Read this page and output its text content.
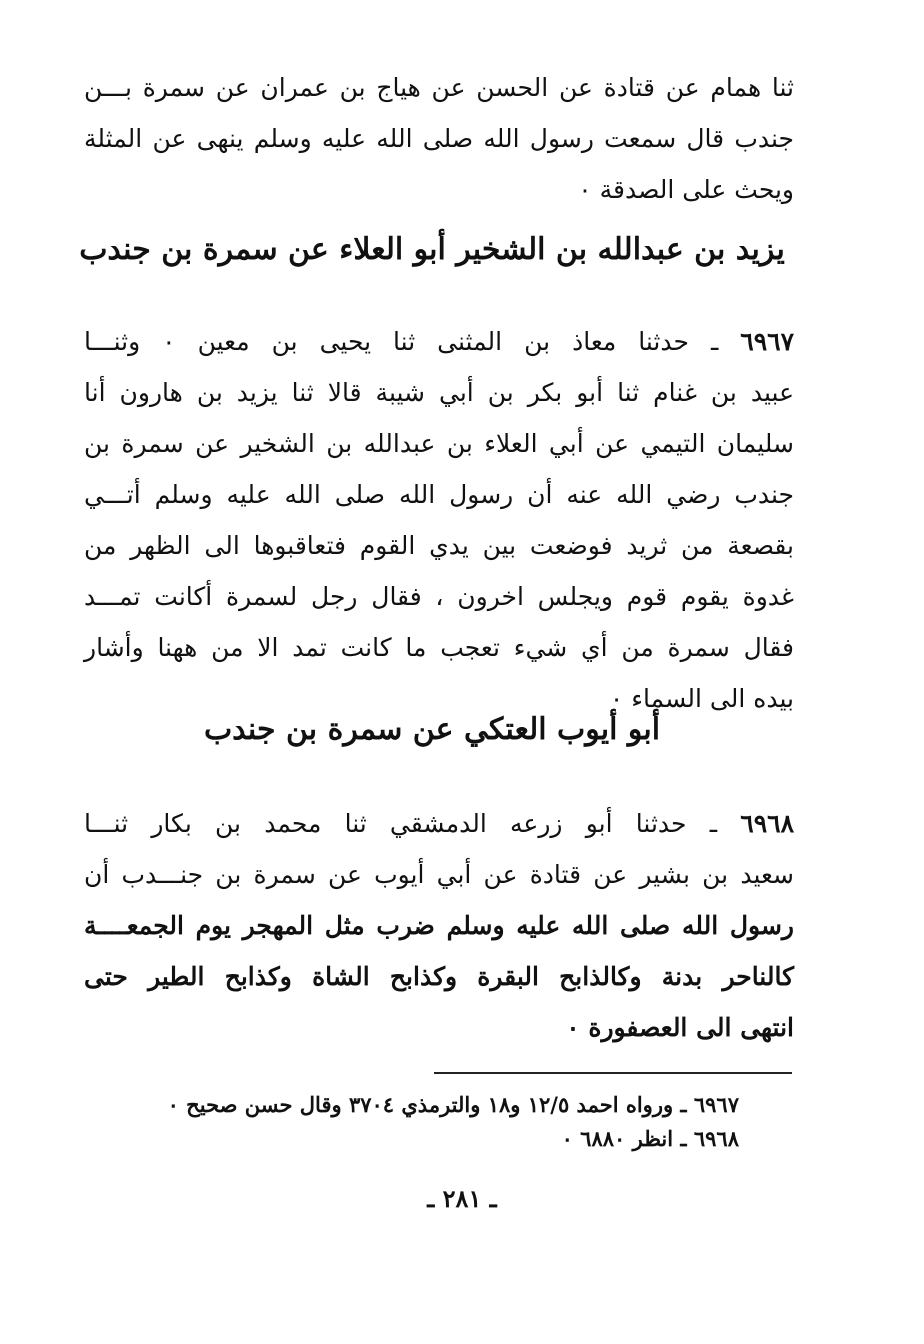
ثنا همام عن قتادة عن الحسن عن هياج بن عمران عن سمرة بـــن
جندب قال سمعت رسول الله صلى الله عليه وسلم ينهى عن المثلة
ويحث على الصدقة ٠
يزيد بن عبدالله بن الشخير أبو العلاء عن سمرة بن جندب
٦٩٦٧ ـ حدثنا معاذ بن المثنى ثنا يحيى بن معين ٠ وثنـــا
عبيد بن غنام ثنا أبو بكر بن أبي شيبة قالا ثنا يزيد بن هارون أنا
سليمان التيمي عن أبي العلاء بن عبدالله بن الشخير عن سمرة بن
جندب رضي الله عنه أن رسول الله صلى الله عليه وسلم أتـــي
بقصعة من ثريد فوضعت بين يدي القوم فتعاقبوها الى الظهر من
غدوة يقوم قوم ويجلس اخرون ، فقال رجل لسمرة أكانت تمـــد
فقال سمرة من أي شيء تعجب ما كانت تمد الا من ههنا وأشار
بيده الى السماء ٠
أبو أيوب العتكي عن سمرة بن جندب
٦٩٦٨ ـ حدثنا أبو زرعه الدمشقي ثنا محمد بن بكار ثنـــا
سعيد بن بشير عن قتادة عن أبي أيوب عن سمرة بن جنـــدب أن
رسول الله صلى الله عليه وسلم ضرب مثل المهجر يوم الجمعــــة
كالناحر بدنة وكالذابح البقرة وكذابح الشاة وكذابح الطير حتى
انتهى الى العصفورة ٠
٦٩٦٧ ـ ورواه احمد ١٢/٥ و١٨ والترمذي ٣٧٠٤ وقال حسن صحيح ٠
٦٩٦٨ ـ انظر ٦٨٨٠ ٠
ـ ٢٨١ ـ
